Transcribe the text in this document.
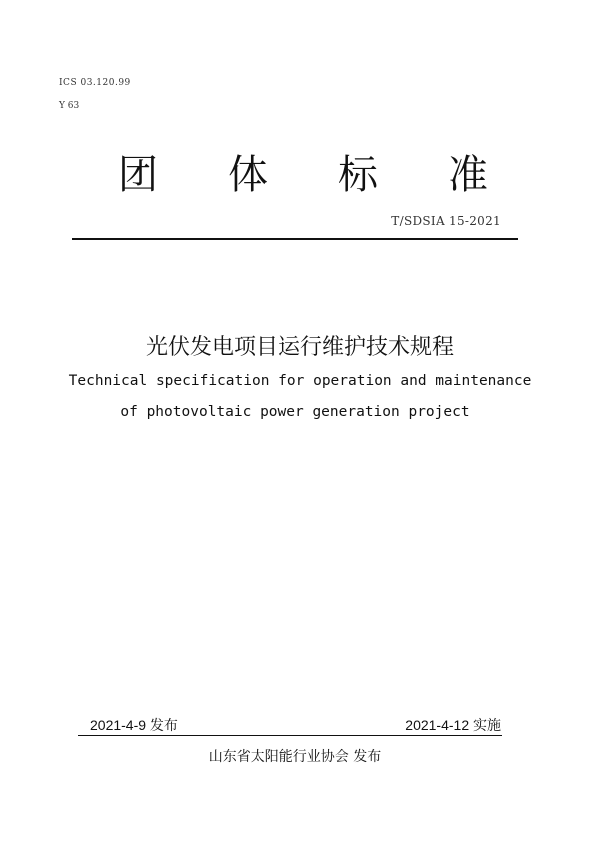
ICS 03.120.99
Y 63
团 体 标 准
T/SDSIA 15-2021
光伏发电项目运行维护技术规程
Technical specification for operation and maintenance
of photovoltaic power generation project
2021-4-9 发布	2021-4-12 实施
山东省太阳能行业协会 发布
